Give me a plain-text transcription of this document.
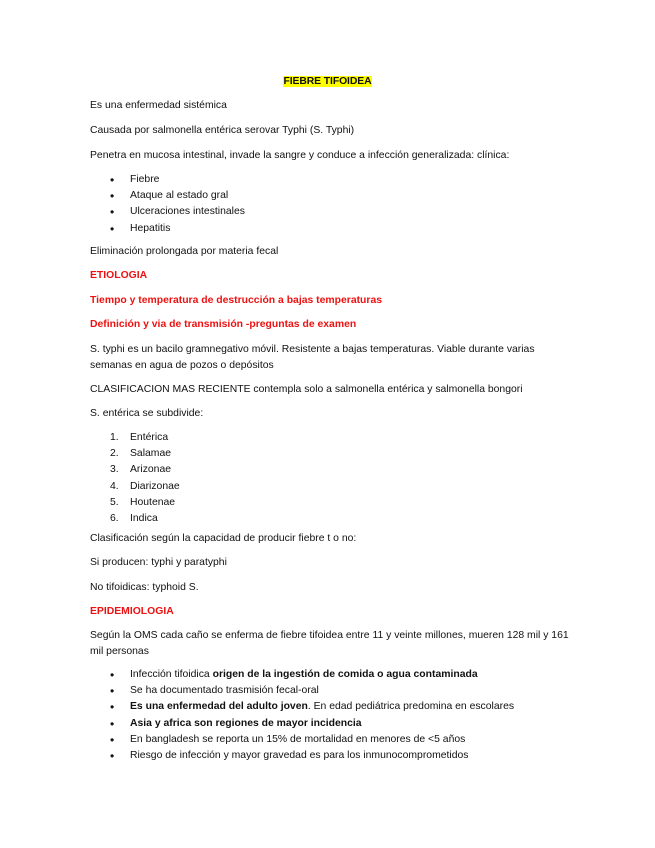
FIEBRE TIFOIDEA
Es una enfermedad sistémica
Causada por salmonella entérica serovar Typhi (S. Typhi)
Penetra en mucosa intestinal, invade la sangre y conduce a infección generalizada: clínica:
• Fiebre
• Ataque al estado gral
• Ulceraciones intestinales
• Hepatitis
Eliminación prolongada por materia fecal
ETIOLOGIA
Tiempo y temperatura de destrucción a bajas temperaturas
Definición y via de transmisión -preguntas de examen
S. typhi es un bacilo gramnegativo móvil. Resistente a bajas temperaturas. Viable durante varias semanas en agua de pozos o depósitos
CLASIFICACION MAS RECIENTE contempla solo a salmonella entérica y salmonella bongori
S. entérica se subdivide:
1. Entérica
2. Salamae
3. Arizonae
4. Diarizonae
5. Houtenae
6. Indica
Clasificación según la capacidad de producir fiebre t o no:
Si producen: typhi y paratyphi
No tifoidicas: typhoid S.
EPIDEMIOLOGIA
Según la OMS cada caño se enferma de fiebre tifoidea entre 11 y veinte millones, mueren 128 mil y 161 mil personas
• Infección tifoidica origen de la ingestión de comida o agua contaminada
• Se ha documentado trasmisión fecal-oral
• Es una enfermedad del adulto joven. En edad pediátrica predomina en escolares
• Asia y africa son regiones de mayor incidencia
• En bangladesh se reporta un 15% de mortalidad en menores de <5 años
• Riesgo de infección y mayor gravedad es para los inmunocomprometidos
